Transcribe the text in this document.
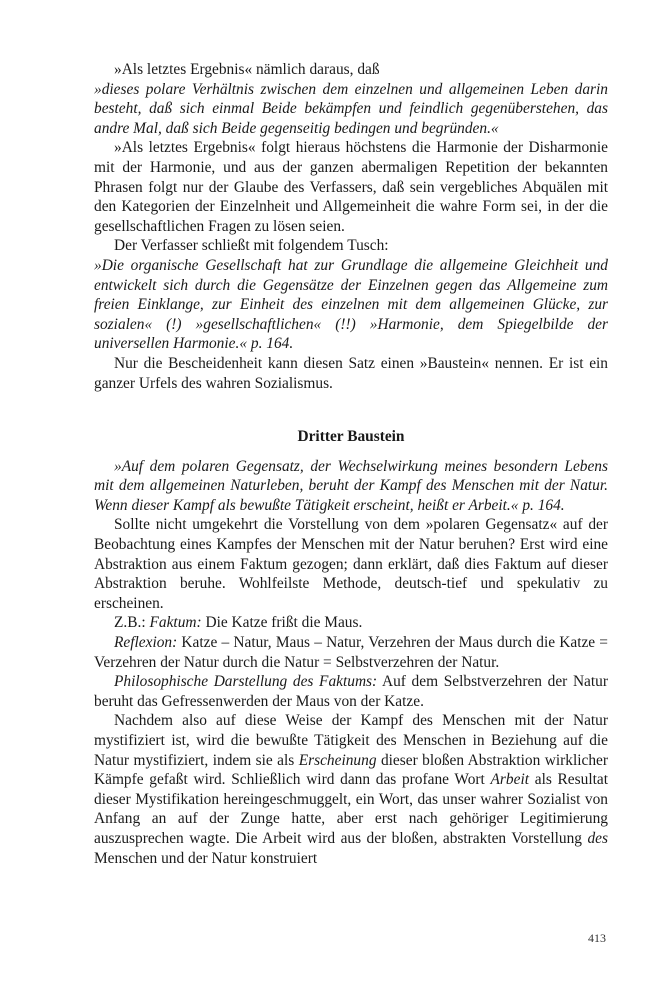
»Als letztes Ergebnis« nämlich daraus, daß

»dieses polare Verhältnis zwischen dem einzelnen und allgemeinen Leben darin besteht, daß sich einmal Beide bekämpfen und feindlich gegenüberstehen, das andre Mal, daß sich Beide gegenseitig bedingen und begründen.«

»Als letztes Ergebnis« folgt hieraus höchstens die Harmonie der Disharmonie mit der Harmonie, und aus der ganzen abermaligen Repetition der bekannten Phrasen folgt nur der Glaube des Verfassers, daß sein vergebliches Abquälen mit den Kategorien der Einzelnheit und Allgemeinheit die wahre Form sei, in der die gesellschaftlichen Fragen zu lösen seien.

Der Verfasser schließt mit folgendem Tusch:

»Die organische Gesellschaft hat zur Grundlage die allgemeine Gleichheit und entwickelt sich durch die Gegensätze der Einzelnen gegen das Allgemeine zum freien Einklange, zur Einheit des einzelnen mit dem allgemeinen Glücke, zur sozialen« (!) »gesellschaftlichen« (!!) »Harmonie, dem Spiegelbilde der universellen Harmonie.« p. 164.

Nur die Bescheidenheit kann diesen Satz einen »Baustein« nennen. Er ist ein ganzer Urfels des wahren Sozialismus.

Dritter Baustein

»Auf dem polaren Gegensatz, der Wechselwirkung meines besondern Lebens mit dem allgemeinen Naturleben, beruht der Kampf des Menschen mit der Natur. Wenn dieser Kampf als bewußte Tätigkeit erscheint, heißt er Arbeit.« p. 164.

Sollte nicht umgekehrt die Vorstellung von dem »polaren Gegensatz« auf der Beobachtung eines Kampfes der Menschen mit der Natur beruhen? Erst wird eine Abstraktion aus einem Faktum gezogen; dann erklärt, daß dies Faktum auf dieser Abstraktion beruhe. Wohlfeilste Methode, deutsch-tief und spekulativ zu erscheinen.

Z.B.: Faktum: Die Katze frißt die Maus.

Reflexion: Katze – Natur, Maus – Natur, Verzehren der Maus durch die Katze = Verzehren der Natur durch die Natur = Selbstverzehren der Natur.

Philosophische Darstellung des Faktums: Auf dem Selbstverzehren der Natur beruht das Gefressenwerden der Maus von der Katze.

Nachdem also auf diese Weise der Kampf des Menschen mit der Natur mystifiziert ist, wird die bewußte Tätigkeit des Menschen in Beziehung auf die Natur mystifiziert, indem sie als Erscheinung dieser bloßen Abstraktion wirklicher Kämpfe gefaßt wird. Schließlich wird dann das profane Wort Arbeit als Resultat dieser Mystifikation hereingeschmuggelt, ein Wort, das unser wahrer Sozialist von Anfang an auf der Zunge hatte, aber erst nach gehöriger Legitimierung auszusprechen wagte. Die Arbeit wird aus der bloßen, abstrakten Vorstellung des Menschen und der Natur konstruiert

413
